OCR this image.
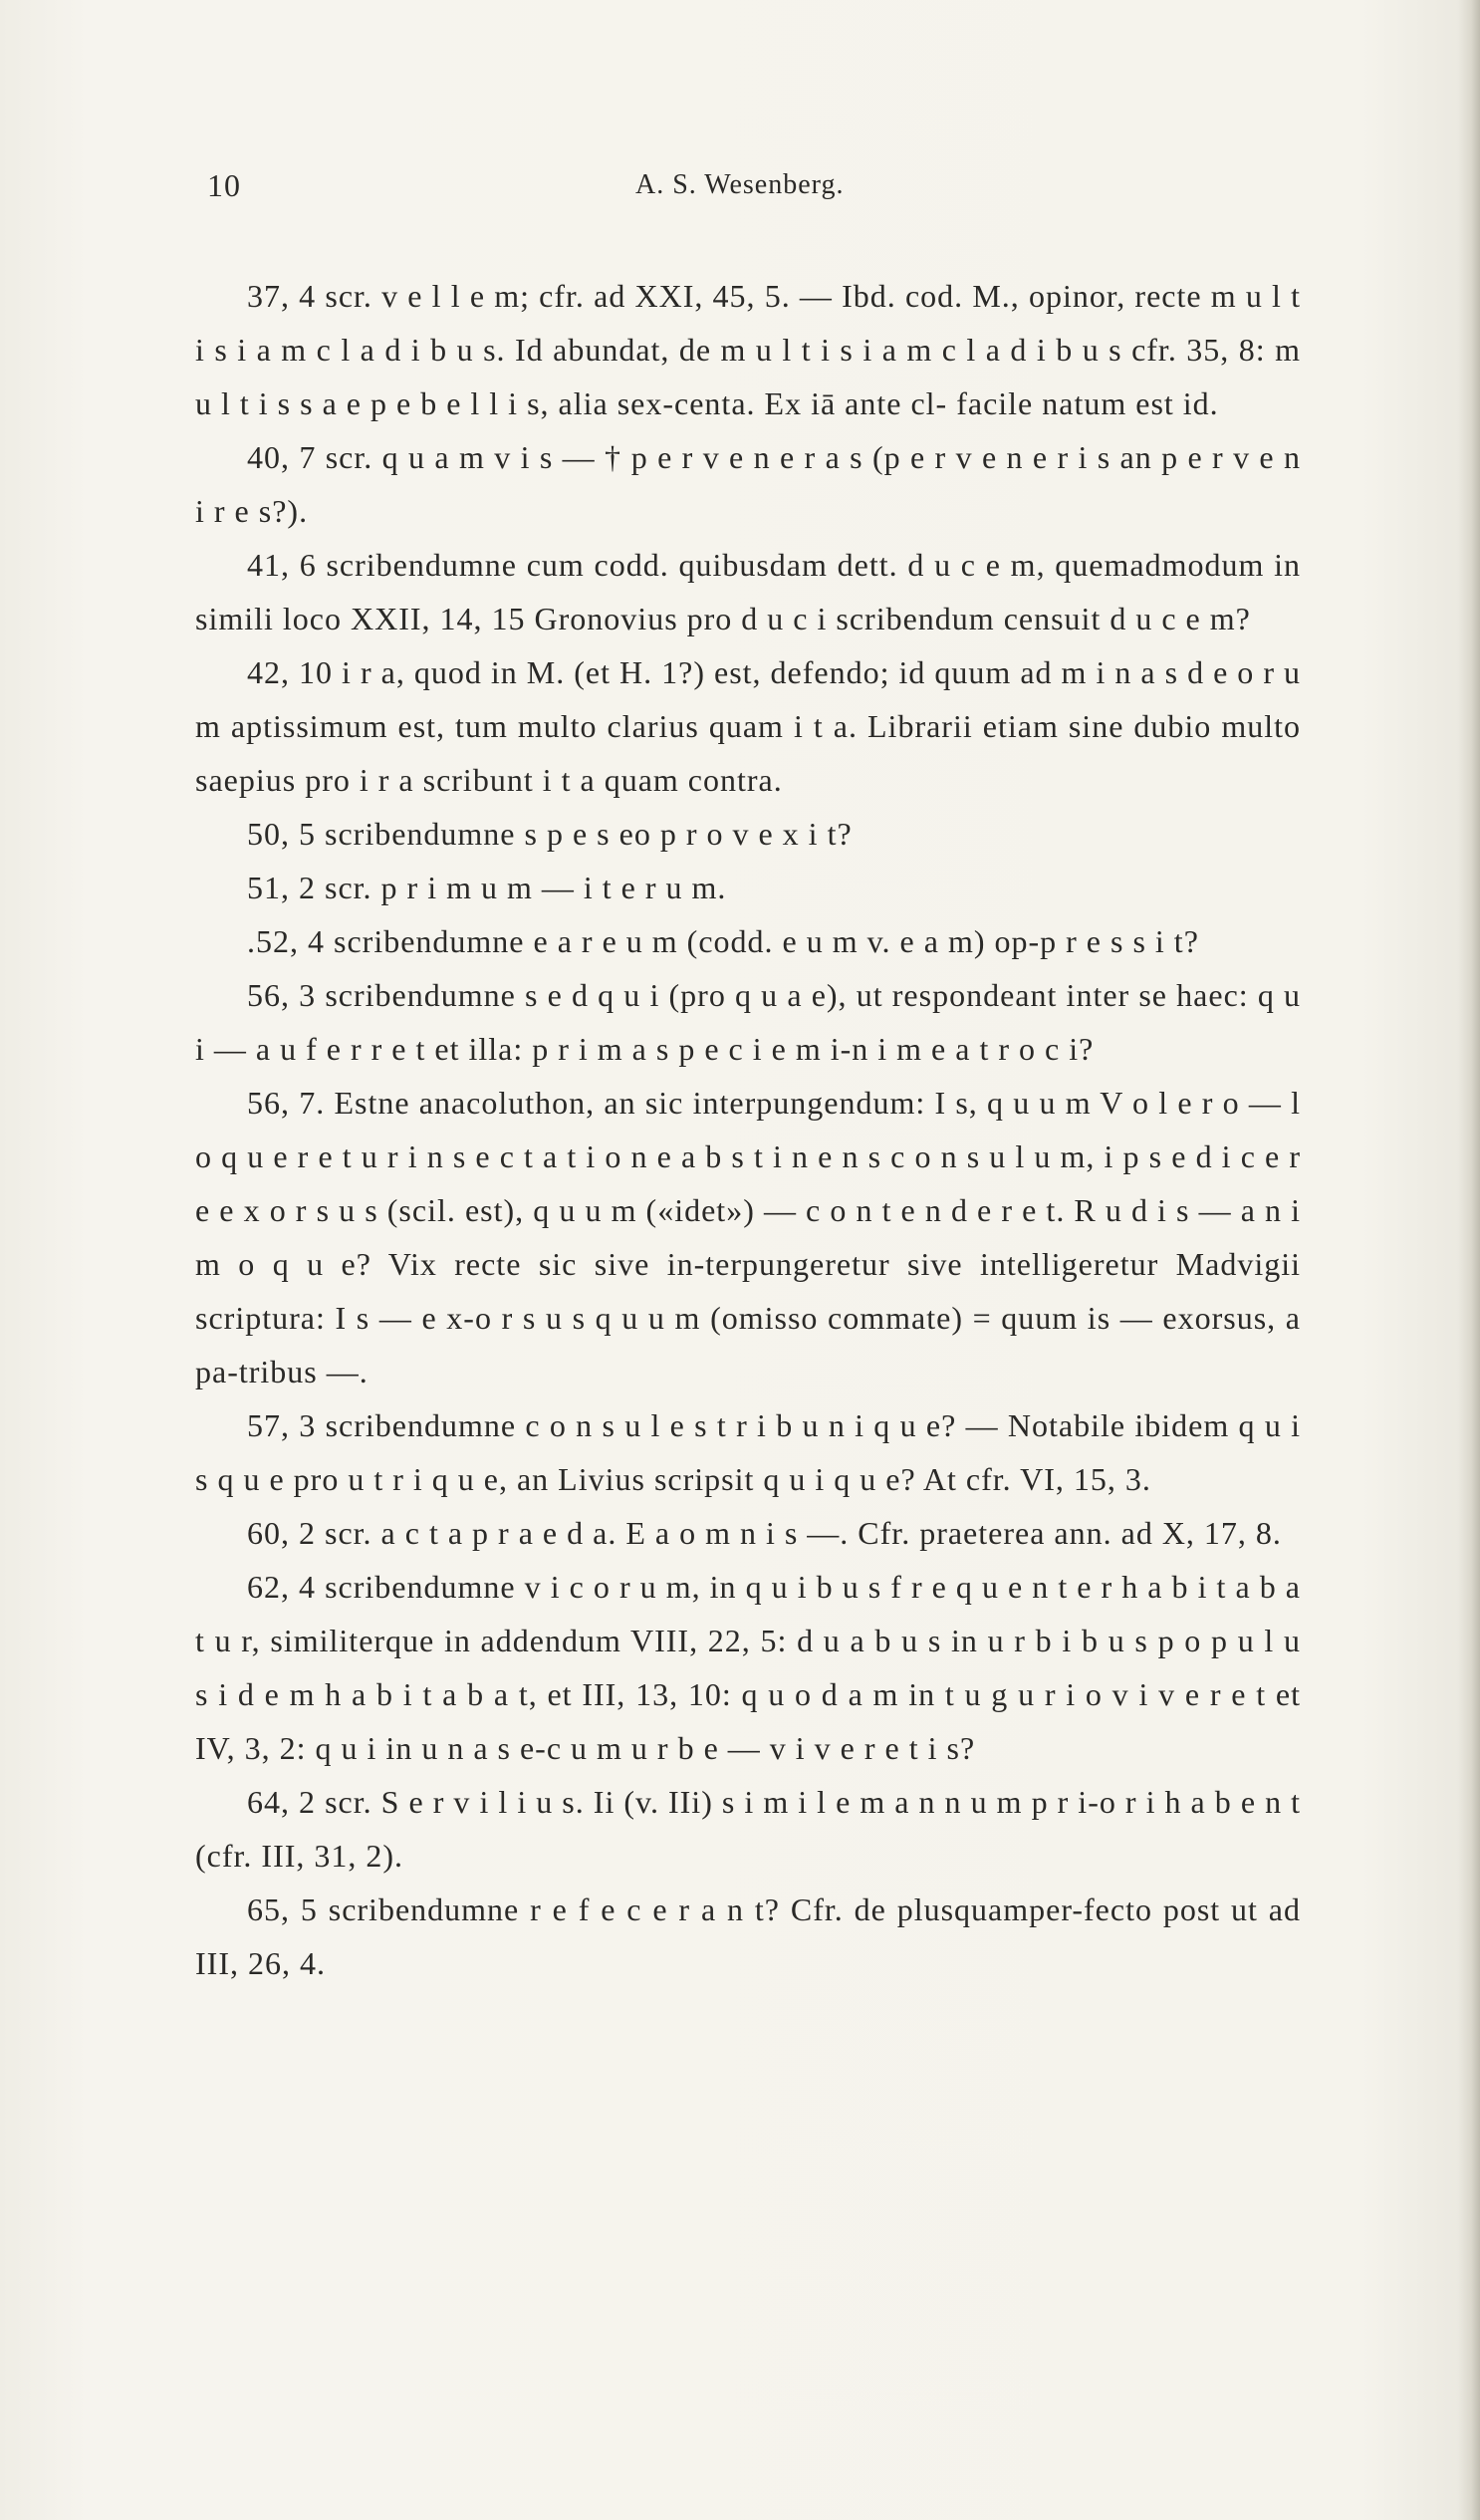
10	A. S. Wesenberg.

37, 4 scr. v e l l e m; cfr. ad XXI, 45, 5. — Ibd. cod. M., opinor, recte m u l t i s i a m c l a d i b u s. Id abundat, de m u l t i s i a m c l a d i b u s cfr. 35, 8: m u l t i s s a e p e b e l l i s, alia sex-centa. Ex iā ante cl- facile natum est id.

40, 7 scr. q u a m v i s — † p e r v e n e r a s (p e r v e n e r i s an p e r v e n i r e s?).

41, 6 scribendumne cum codd. quibusdam dett. d u c e m, quemadmodum in simili loco XXII, 14, 15 Gronovius pro d u c i scribendum censuit d u c e m?

42, 10 i r a, quod in M. (et H. 1?) est, defendo; id quum ad m i n a s d e o r u m aptissimum est, tum multo clarius quam i t a. Librarii etiam sine dubio multo saepius pro i r a scribunt i t a quam contra.

50, 5 scribendumne s p e s eo p r o v e x i t?

51, 2 scr. p r i m u m — i t e r u m.

.52, 4 scribendumne e a r e u m (codd. e u m v. e a m) op-p r e s s i t?

56, 3 scribendumne s e d q u i (pro q u a e), ut respondeant inter se haec: q u i — a u f e r r e t et illa: p r i m a s p e c i e m i-n i m e a t r o c i?

56, 7. Estne anacoluthon, an sic interpungendum: I s, q u u m V o l e r o — l o q u e r e t u r i n s e c t a t i o n e a b s t i n e n s c o n s u l u m, i p s e d i c e r e e x o r s u s (scil. est), q u u m («idet») — c o n t e n d e r e t. R u d i s — a n i m o q u e? Vix recte sic sive in-terpungeretur sive intelligeretur Madvigii scriptura: I s — e x-o r s u s q u u m (omisso commate) = quum is — exorsus, a pa-tribus —.

57, 3 scribendumne c o n s u l e s t r i b u n i q u e? — Notabile ibidem q u i s q u e pro u t r i q u e, an Livius scripsit q u i q u e? At cfr. VI, 15, 3.

60, 2 scr. a c t a p r a e d a. E a o m n i s —. Cfr. praeterea ann. ad X, 17, 8.

62, 4 scribendumne v i c o r u m, in q u i b u s f r e q u e n t e r h a b i t a b a t u r, similiterque in addendum VIII, 22, 5: d u a b u s in u r b i b u s p o p u l u s i d e m h a b i t a b a t, et III, 13, 10: q u o d a m in t u g u r i o v i v e r e t et IV, 3, 2: q u i in u n a s e-c u m u r b e — v i v e r e t i s?

64, 2 scr. S e r v i l i u s. Ii (v. IIi) s i m i l e m a n n u m p r i-o r i h a b e n t (cfr. III, 31, 2).

65, 5 scribendumne r e f e c e r a n t? Cfr. de plusquamper-fecto post ut ad III, 26, 4.
